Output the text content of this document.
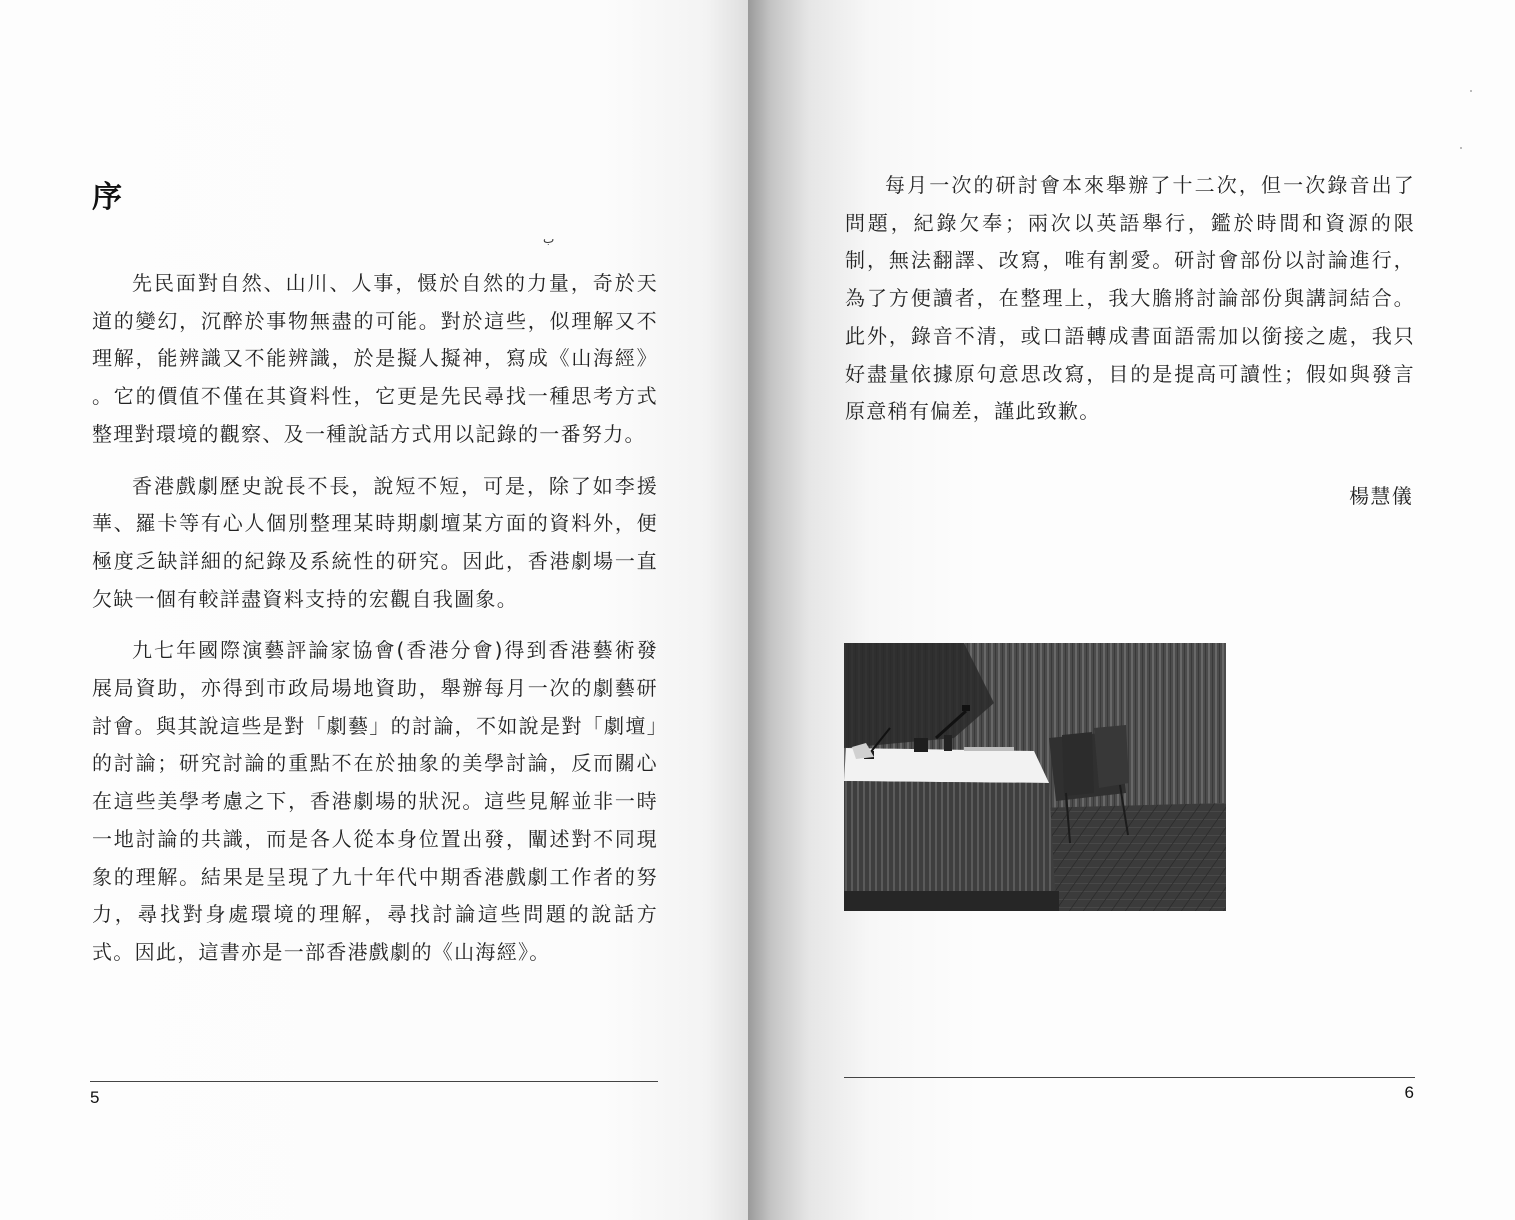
序
ب

先民面對自然、山川、人事，慑於自然的力量，奇於天道的變幻，沉醉於事物無盡的可能。對於這些，似理解又不理解，能辨識又不能辨識，於是擬人擬神，寫成《山海經》 。它的價值不僅在其資料性，它更是先民尋找一種思考方式整理對環境的觀察、及一種說話方式用以記錄的一番努力。

香港戲劇歷史說長不長，說短不短，可是，除了如李援華、羅卡等有心人個別整理某時期劇壇某方面的資料外，便極度乏缺詳細的紀錄及系統性的研究。因此，香港劇場一直欠缺一個有較詳盡資料支持的宏觀自我圖象。

九七年國際演藝評論家協會(香港分會)得到香港藝術發展局資助，亦得到市政局場地資助，舉辦每月一次的劇藝研討會。與其說這些是對「劇藝」的討論，不如說是對「劇壇」的討論；研究討論的重點不在於抽象的美學討論，反而關心在這些美學考慮之下，香港劇場的狀況。這些見解並非一時一地討論的共識，而是各人從本身位置出發，闡述對不同現象的理解。結果是呈現了九十年代中期香港戲劇工作者的努力，尋找對身處環境的理解，尋找討論這些問題的說話方式。因此，這書亦是一部香港戲劇的《山海經》。

5

每月一次的研討會本來舉辦了十二次，但一次錄音出了問題，紀錄欠奉；兩次以英語舉行，鑑於時間和資源的限制，無法翻譯、改寫，唯有割愛。研討會部份以討論進行，為了方便讀者，在整理上，我大膽將討論部份與講詞結合。此外，錄音不清，或口語轉成書面語需加以銜接之處，我只好盡量依據原句意思改寫，目的是提高可讀性；假如與發言原意稍有偏差，謹此致歉。

楊慧儀
6
